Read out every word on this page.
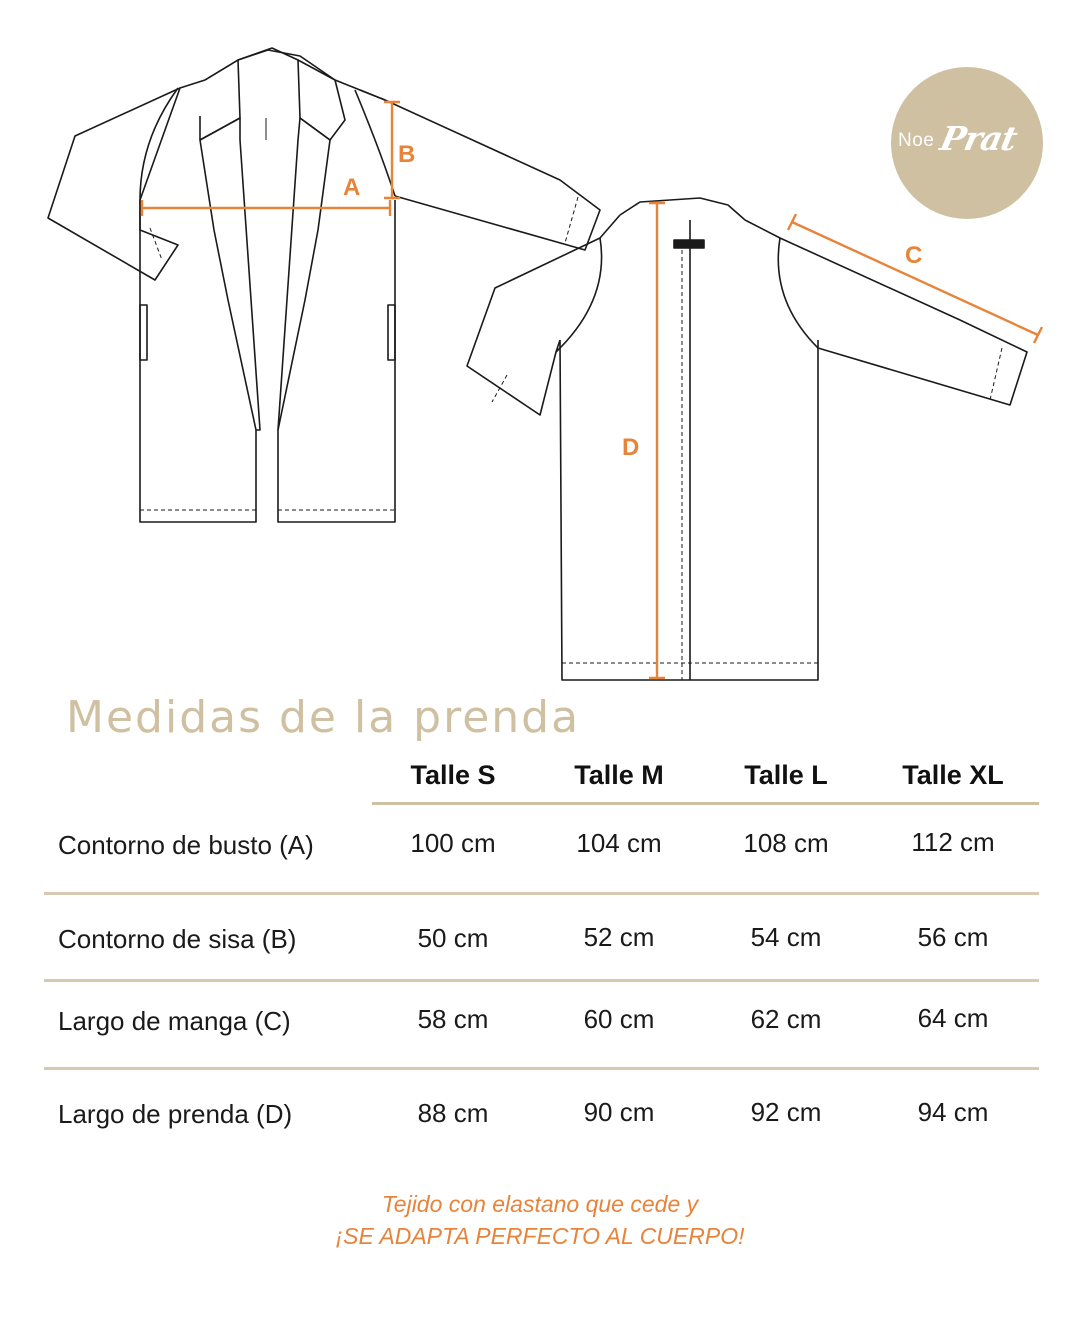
A
B
C
D
Noe Prat
Medidas de la prenda
Talle S	Talle M	Talle L	Talle XL
Contorno de busto (A)	100 cm	104 cm	108 cm	112 cm
Contorno de sisa (B)	50 cm	52 cm	54 cm	56 cm
Largo de manga (C)	58 cm	60 cm	62 cm	64 cm
Largo de prenda (D)	88 cm	90 cm	92 cm	94 cm
Tejido con elastano que cede y
¡SE ADAPTA PERFECTO AL CUERPO!
